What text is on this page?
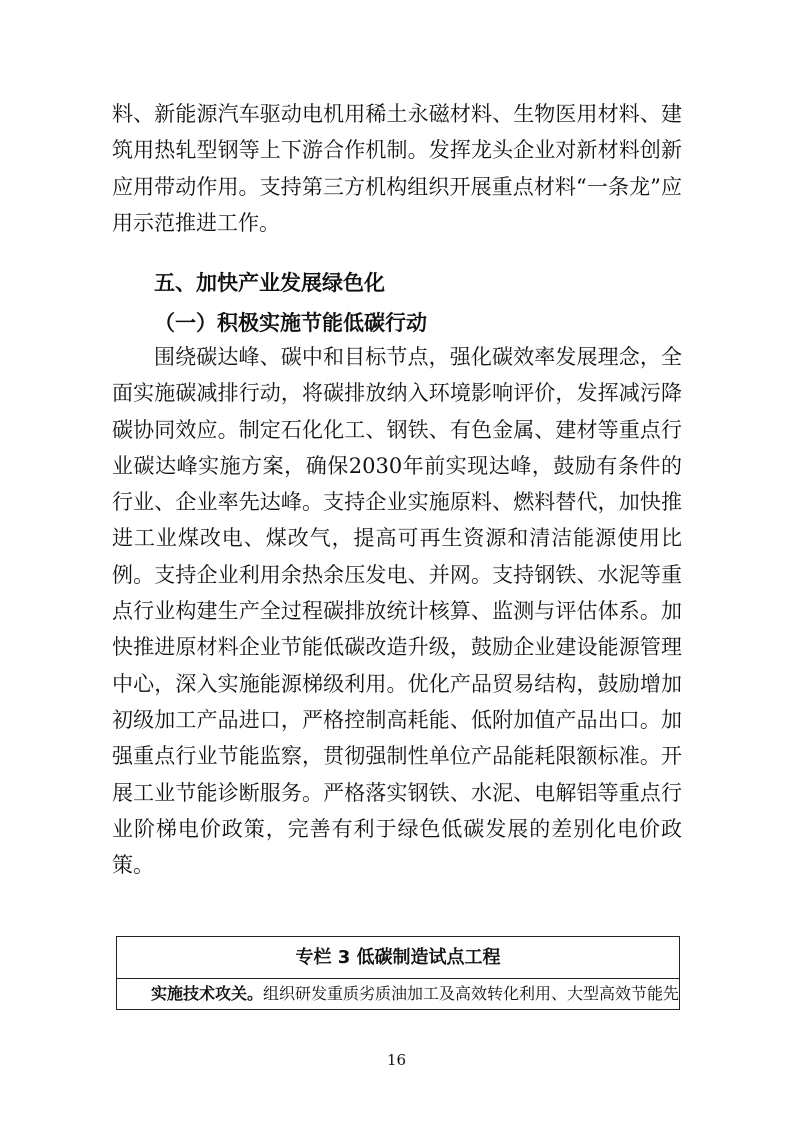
料、新能源汽车驱动电机用稀土永磁材料、生物医用材料、建筑用热轧型钢等上下游合作机制。发挥龙头企业对新材料创新应用带动作用。支持第三方机构组织开展重点材料“一条龙”应用示范推进工作。

五、加快产业发展绿色化
（一）积极实施节能低碳行动

围绕碳达峰、碳中和目标节点，强化碳效率发展理念，全面实施碳减排行动，将碳排放纳入环境影响评价，发挥减污降碳协同效应。制定石化化工、钢铁、有色金属、建材等重点行业碳达峰实施方案，确保2030年前实现达峰，鼓励有条件的行业、企业率先达峰。支持企业实施原料、燃料替代，加快推进工业煤改电、煤改气，提高可再生资源和清洁能源使用比例。支持企业利用余热余压发电、并网。支持钢铁、水泥等重点行业构建生产全过程碳排放统计核算、监测与评估体系。加快推进原材料企业节能低碳改造升级，鼓励企业建设能源管理中心，深入实施能源梯级利用。优化产品贸易结构，鼓励增加初级加工产品进口，严格控制高耗能、低附加值产品出口。加强重点行业节能监察，贯彻强制性单位产品能耗限额标准。开展工业节能诊断服务。严格落实钢铁、水泥、电解铝等重点行业阶梯电价政策，完善有利于绿色低碳发展的差别化电价政策。

专栏 3 低碳制造试点工程
实施技术攻关。组织研发重质劣质油加工及高效转化利用、大型高效节能先
16
